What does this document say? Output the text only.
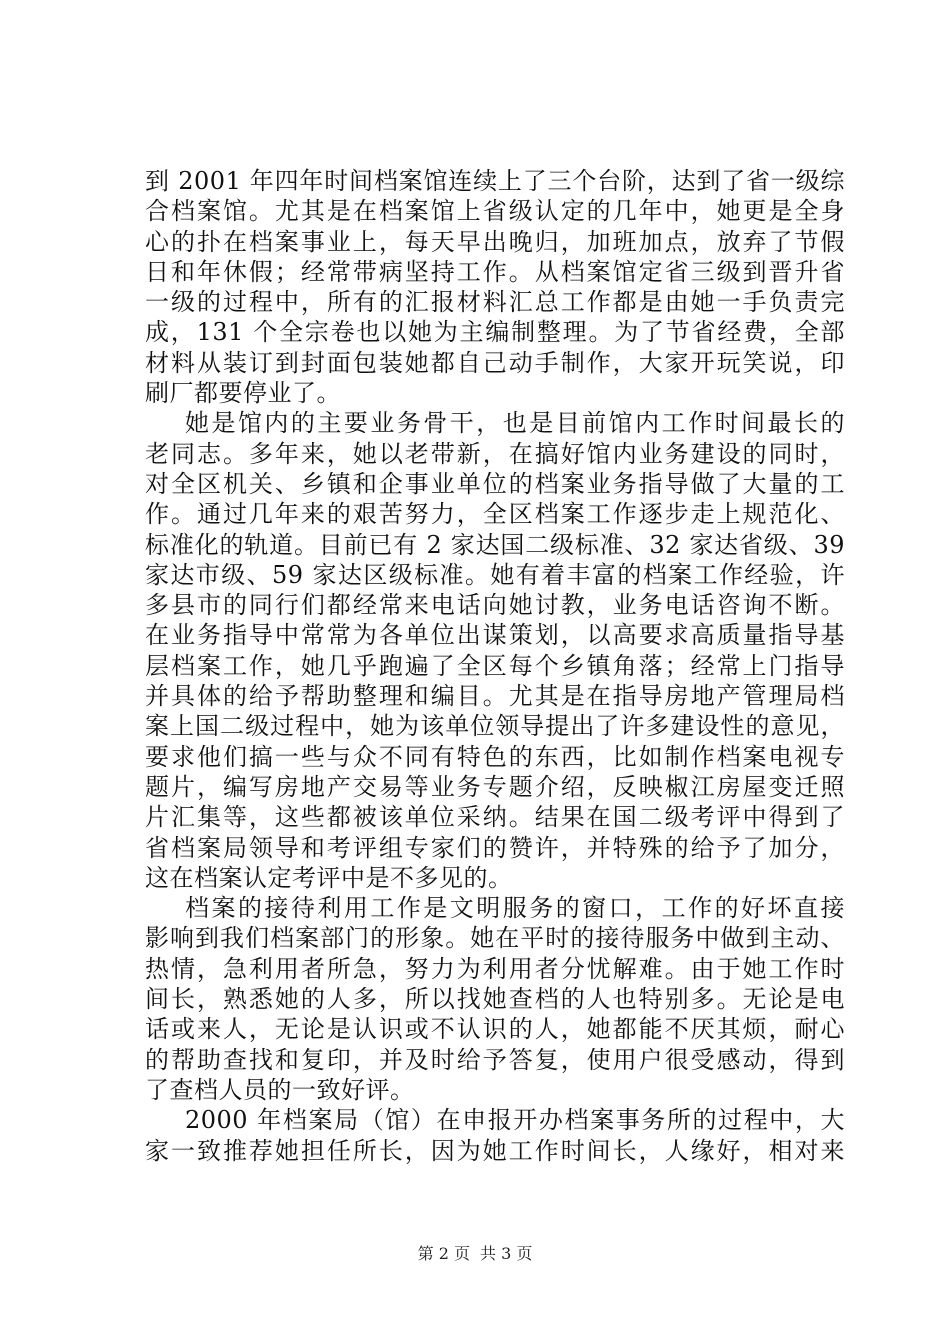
到 2001 年四年时间档案馆连续上了三个台阶，达到了省一级综
合档案馆。尤其是在档案馆上省级认定的几年中，她更是全身
心的扑在档案事业上，每天早出晚归，加班加点，放弃了节假
日和年休假；经常带病坚持工作。从档案馆定省三级到晋升省
一级的过程中，所有的汇报材料汇总工作都是由她一手负责完
成，131 个全宗卷也以她为主编制整理。为了节省经费，全部
材料从装订到封面包装她都自己动手制作，大家开玩笑说，印
刷厂都要停业了。
她是馆内的主要业务骨干，也是目前馆内工作时间最长的
老同志。多年来，她以老带新，在搞好馆内业务建设的同时，
对全区机关、乡镇和企事业单位的档案业务指导做了大量的工
作。通过几年来的艰苦努力，全区档案工作逐步走上规范化、
标准化的轨道。目前已有 2 家达国二级标准、32 家达省级、39
家达市级、59 家达区级标准。她有着丰富的档案工作经验，许
多县市的同行们都经常来电话向她讨教，业务电话咨询不断。
在业务指导中常常为各单位出谋策划，以高要求高质量指导基
层档案工作，她几乎跑遍了全区每个乡镇角落；经常上门指导
并具体的给予帮助整理和编目。尤其是在指导房地产管理局档
案上国二级过程中，她为该单位领导提出了许多建设性的意见，
要求他们搞一些与众不同有特色的东西，比如制作档案电视专
题片，编写房地产交易等业务专题介绍，反映椒江房屋变迁照
片汇集等，这些都被该单位采纳。结果在国二级考评中得到了
省档案局领导和考评组专家们的赞许，并特殊的给予了加分，
这在档案认定考评中是不多见的。
档案的接待利用工作是文明服务的窗口，工作的好坏直接
影响到我们档案部门的形象。她在平时的接待服务中做到主动、
热情，急利用者所急，努力为利用者分忧解难。由于她工作时
间长，熟悉她的人多，所以找她查档的人也特别多。无论是电
话或来人，无论是认识或不认识的人，她都能不厌其烦，耐心
的帮助查找和复印，并及时给予答复，使用户很受感动，得到
了查档人员的一致好评。
2000 年档案局（馆）在申报开办档案事务所的过程中，大
家一致推荐她担任所长，因为她工作时间长，人缘好，相对来
第 2 页 共 3 页
